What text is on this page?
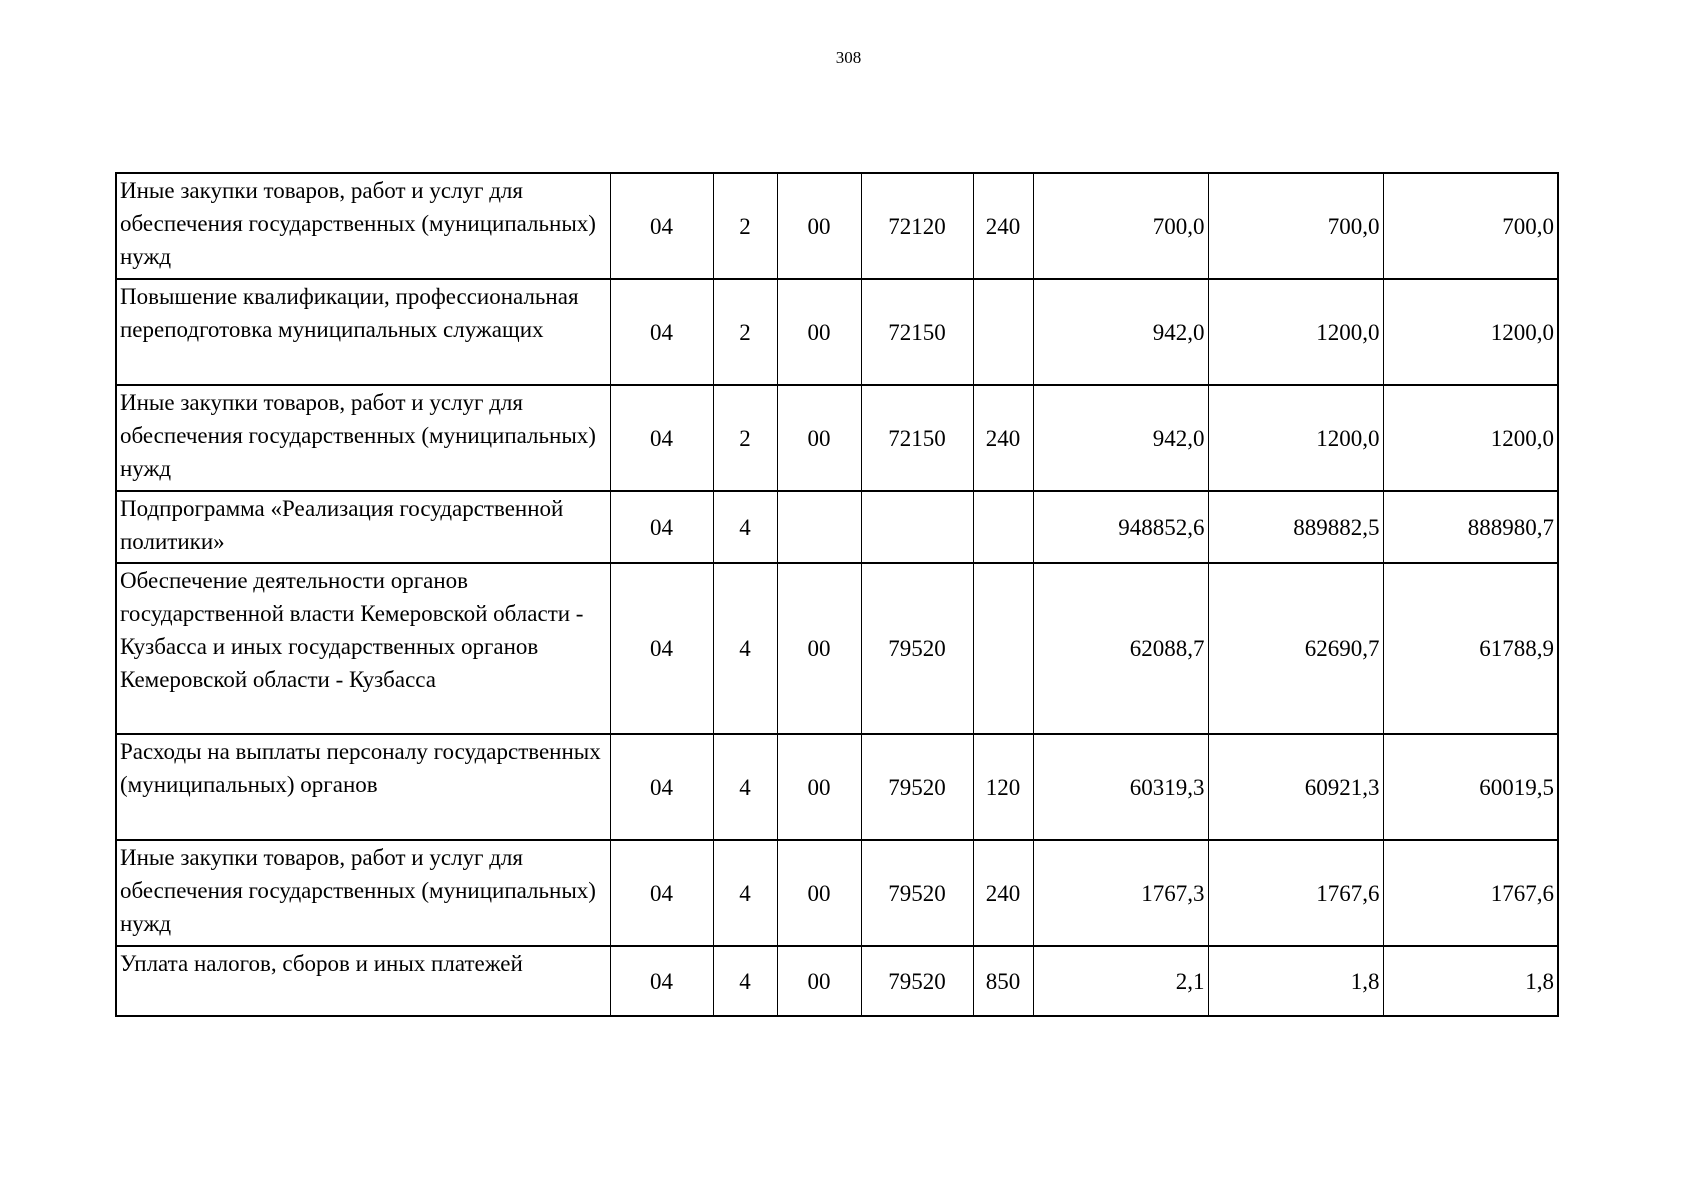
308
Иные закупки товаров, работ и услуг для обеспечения государственных (муниципальных) нужд	04	2	00	72120	240	700,0	700,0	700,0
Повышение квалификации, профессиональная переподготовка муниципальных служащих	04	2	00	72150		942,0	1200,0	1200,0
Иные закупки товаров, работ и услуг для обеспечения государственных (муниципальных) нужд	04	2	00	72150	240	942,0	1200,0	1200,0
Подпрограмма «Реализация государственной политики»	04	4				948852,6	889882,5	888980,7
Обеспечение деятельности органов государственной власти Кемеровской области - Кузбасса и иных государственных органов Кемеровской области - Кузбасса	04	4	00	79520		62088,7	62690,7	61788,9
Расходы на выплаты персоналу государственных (муниципальных) органов	04	4	00	79520	120	60319,3	60921,3	60019,5
Иные закупки товаров, работ и услуг для обеспечения государственных (муниципальных) нужд	04	4	00	79520	240	1767,3	1767,6	1767,6
Уплата налогов, сборов и иных платежей	04	4	00	79520	850	2,1	1,8	1,8
